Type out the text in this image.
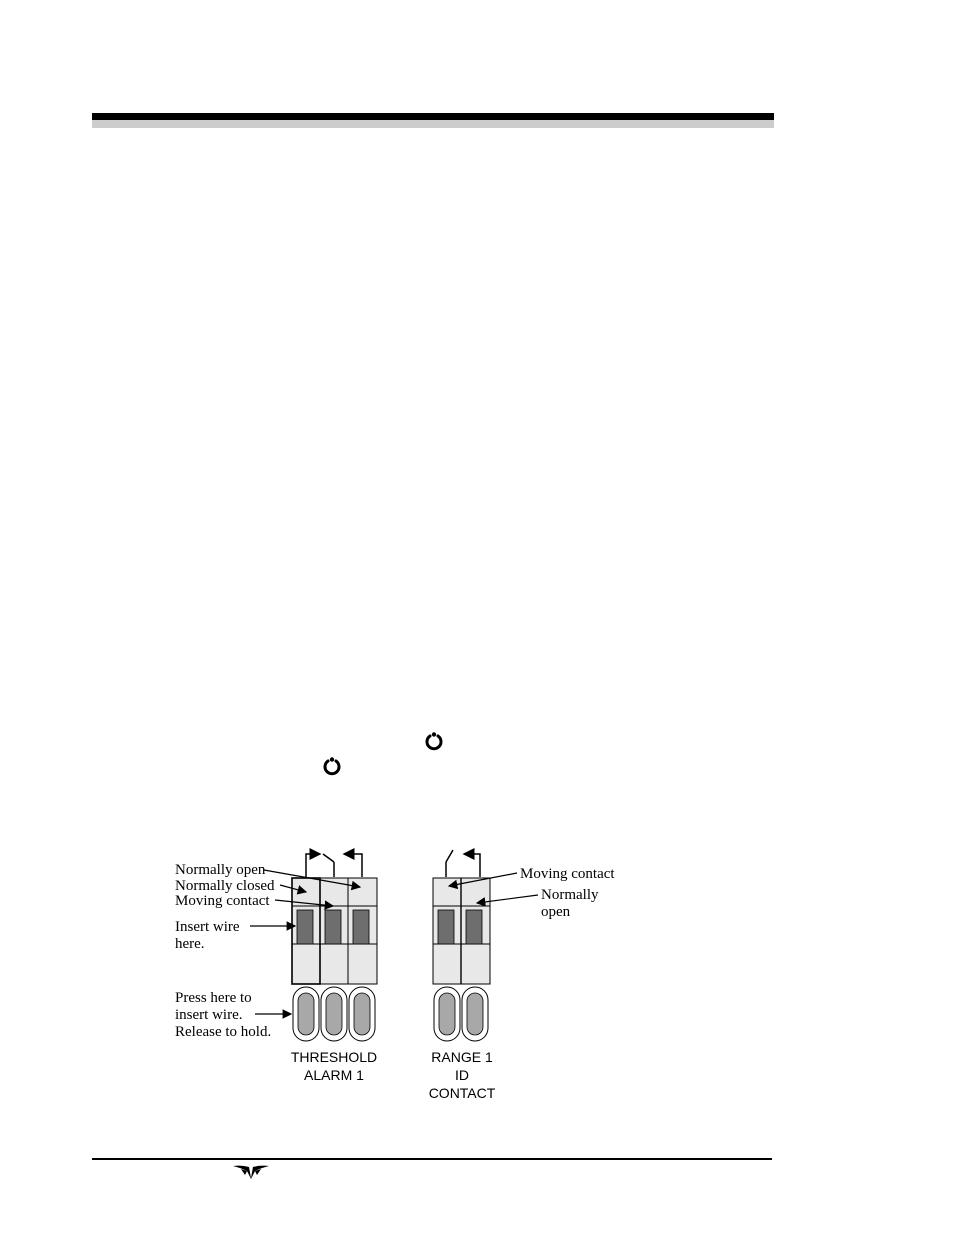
Normally open
Normally closed
Moving contact
Insert wire
here.
Press here to
insert wire.
Release to hold.
Moving contact
Normally
open
THRESHOLD
ALARM 1
RANGE 1
ID
CONTACT
